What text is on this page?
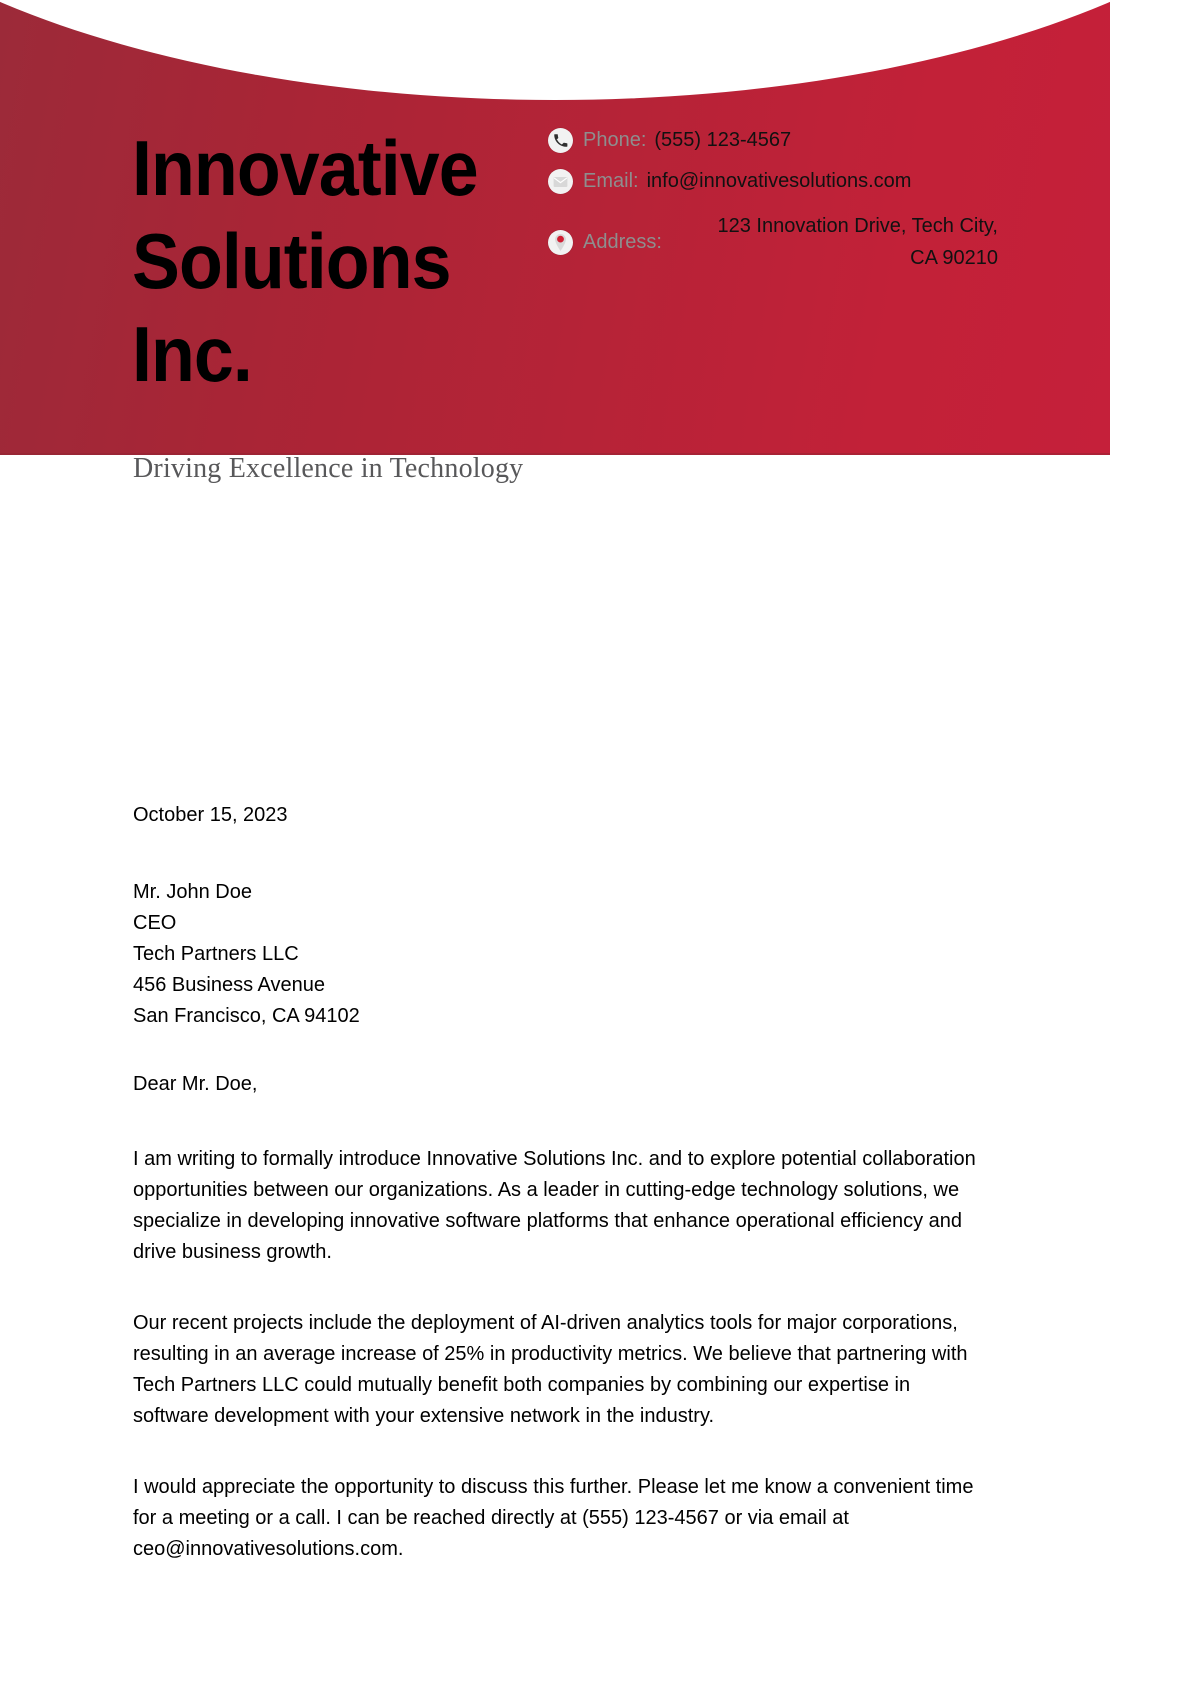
Innovative Solutions Inc.
Phone: (555) 123-4567
Email: info@innovativesolutions.com
Address:
123 Innovation Drive, Tech City,
CA 90210
Driving Excellence in Technology
October 15, 2023
Mr. John Doe
CEO
Tech Partners LLC
456 Business Avenue
San Francisco, CA 94102
Dear Mr. Doe,
I am writing to formally introduce Innovative Solutions Inc. and to explore potential collaboration opportunities between our organizations. As a leader in cutting-edge technology solutions, we specialize in developing innovative software platforms that enhance operational efficiency and drive business growth.
Our recent projects include the deployment of AI-driven analytics tools for major corporations, resulting in an average increase of 25% in productivity metrics. We believe that partnering with Tech Partners LLC could mutually benefit both companies by combining our expertise in software development with your extensive network in the industry.
I would appreciate the opportunity to discuss this further. Please let me know a convenient time for a meeting or a call. I can be reached directly at (555) 123-4567 or via email at ceo@innovativesolutions.com.
